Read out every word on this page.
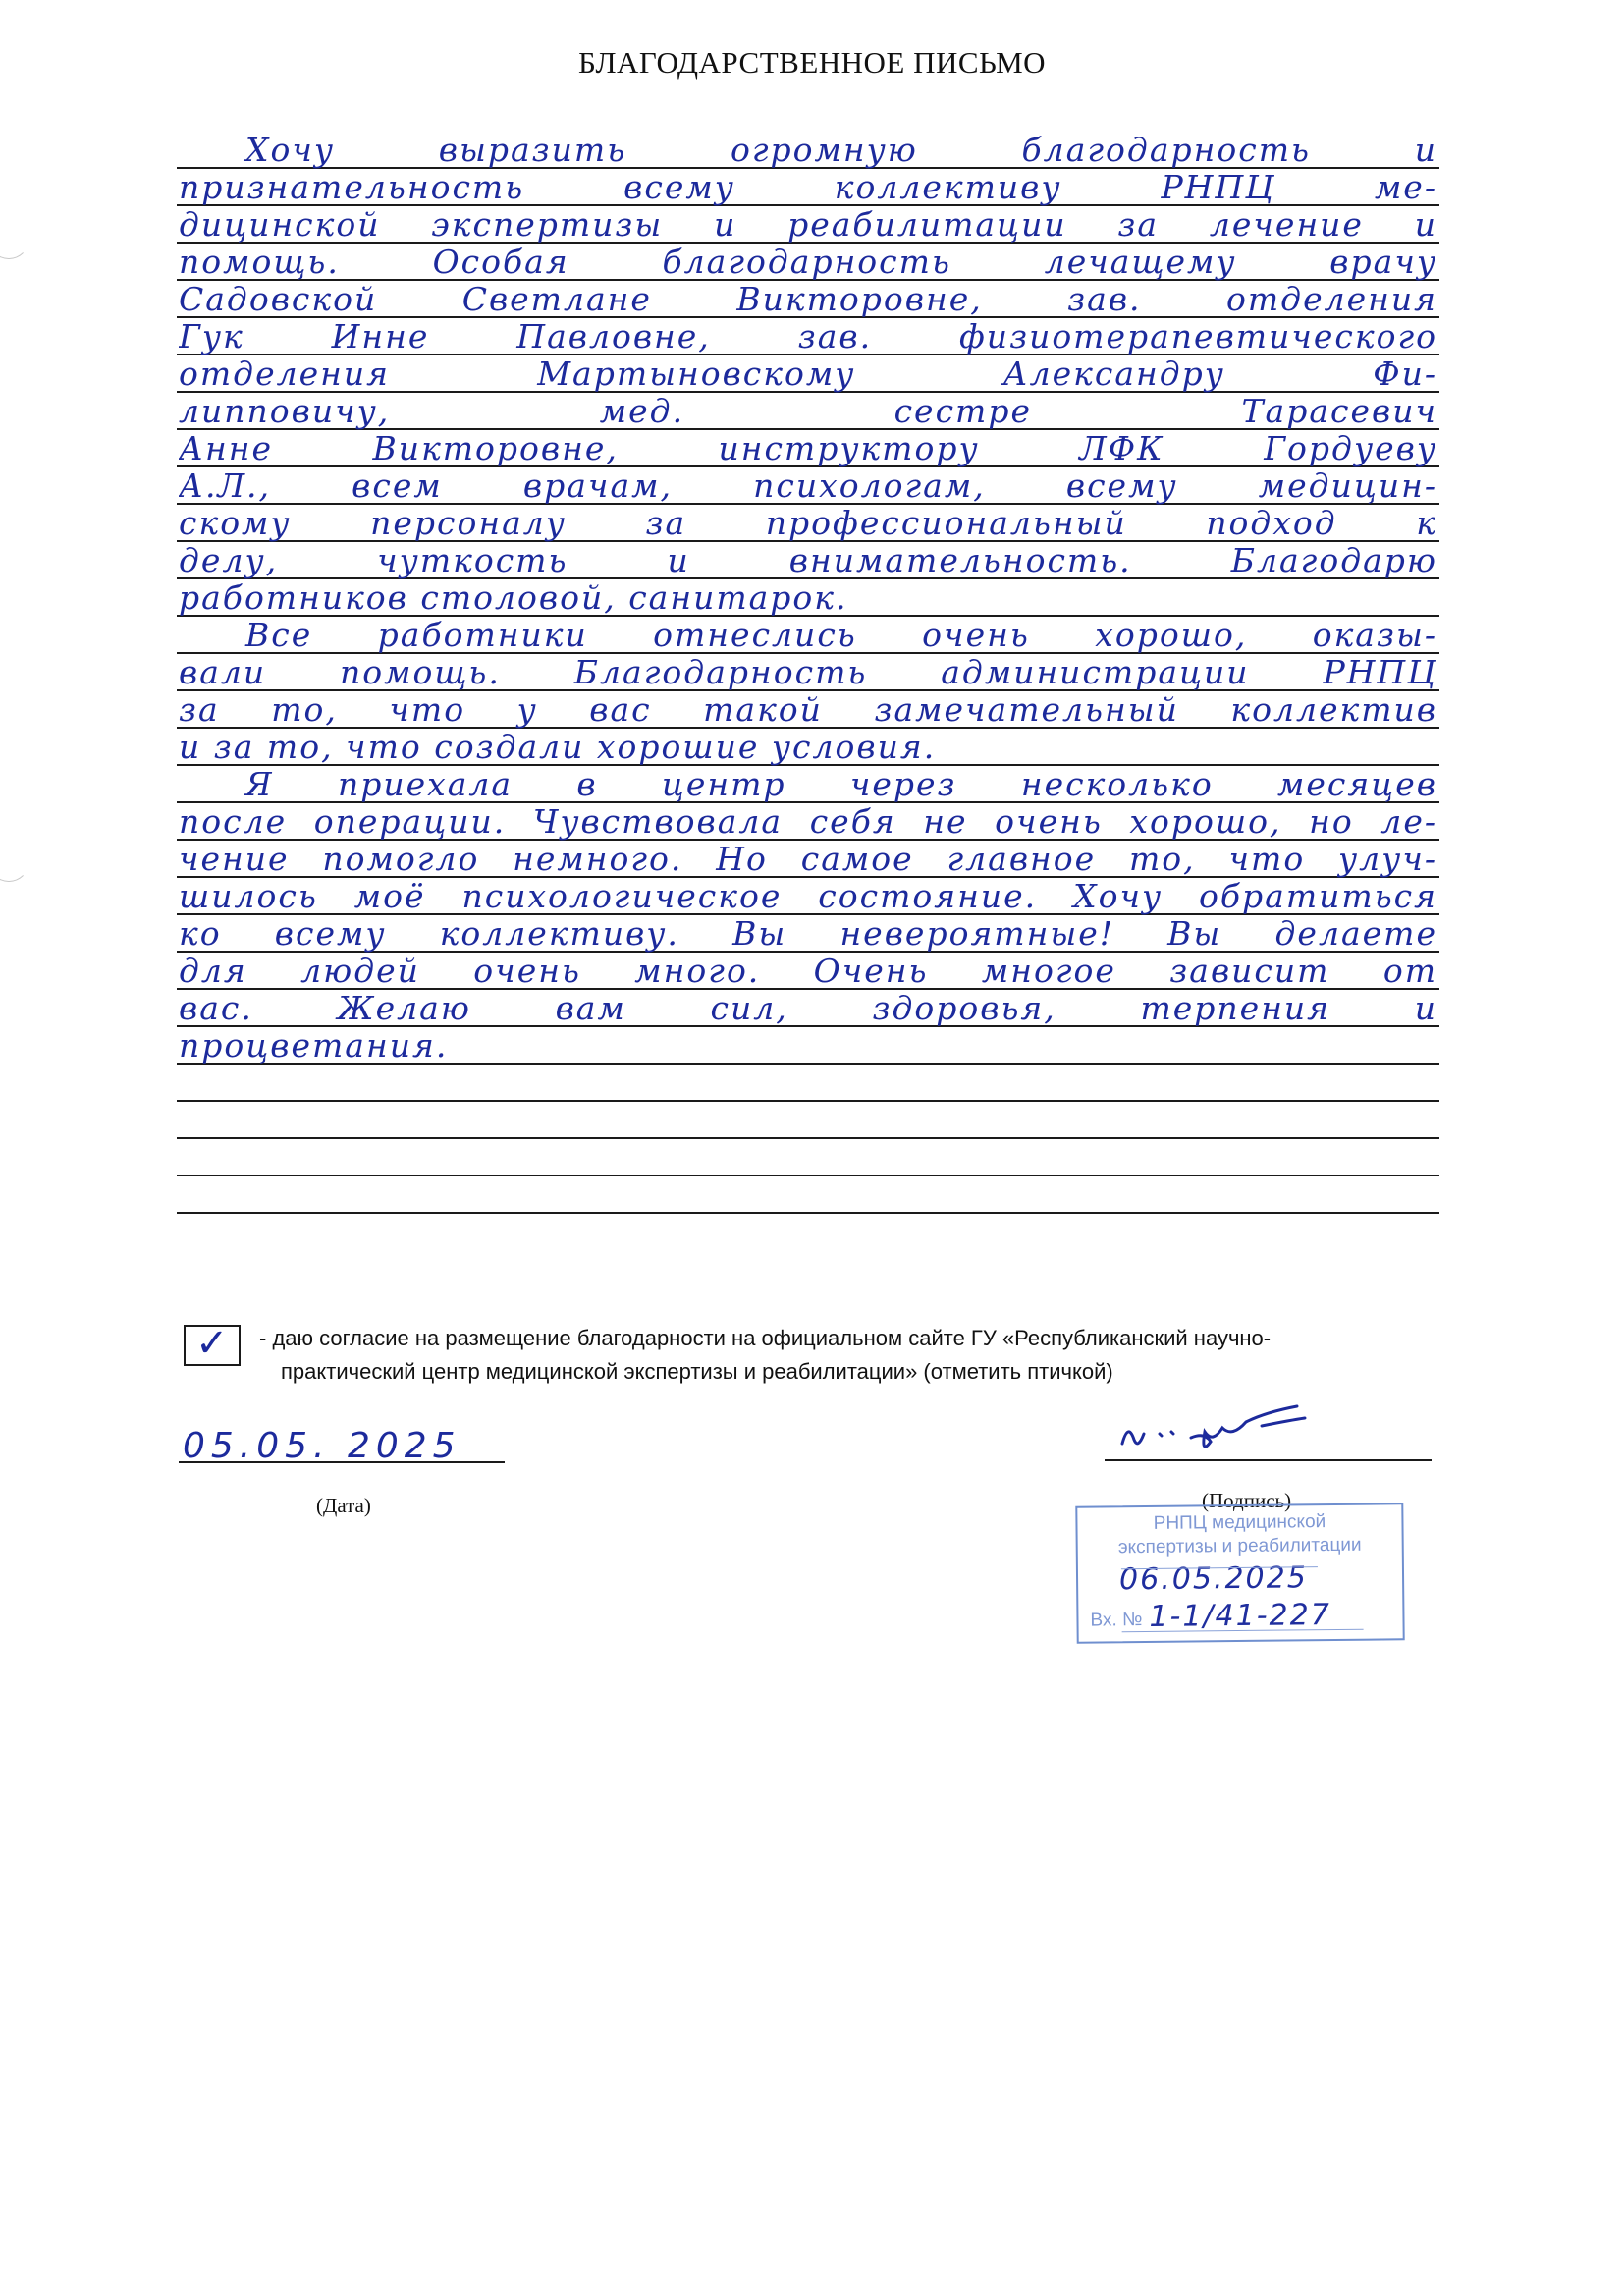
БЛАГОДАРСТВЕННОЕ ПИСЬМО
Хочу выразить огромную благодарность и
признательность всему коллективу РНПЦ ме-
дицинской экспертизы и реабилитации за лечение и
помощь. Особая благодарность лечащему врачу
Садовской Светлане Викторовне, зав. отделения
Гук Инне Павловне, зав. физиотерапевтического
отделения Мартыновскому Александру Фи-
липповичу, мед. сестре Тарасевич
Анне Викторовне, инструктору ЛФК Гордуеву
А.Л., всем врачам, психологам, всему медицин-
скому персоналу за профессиональный подход к
делу, чуткость и внимательность. Благодарю
работников столовой, санитарок.
Все работники отнеслись очень хорошо, оказы-
вали помощь. Благодарность администрации РНПЦ
за то, что у вас такой замечательный коллектив
и за то, что создали хорошие условия.
Я приехала в центр через несколько месяцев
после операции. Чувствовала себя не очень хорошо, но ле-
чение помогло немного. Но самое главное то, что улуч-
шилось моё психологическое состояние. Хочу обратиться
ко всему коллективу. Вы невероятные! Вы делаете
для людей очень много. Очень многое зависит от
вас. Желаю вам сил, здоровья, терпения и
процветания.
✓ - даю согласие на размещение благодарности на официальном сайте ГУ «Республиканский научно-
практический центр медицинской экспертизы и реабилитации» (отметить птичкой)
05.05. 2025
(Дата)	(Подпись)
РНПЦ медицинской
экспертизы и реабилитации
06.05.2025
Вх. № 1-1/41-227
